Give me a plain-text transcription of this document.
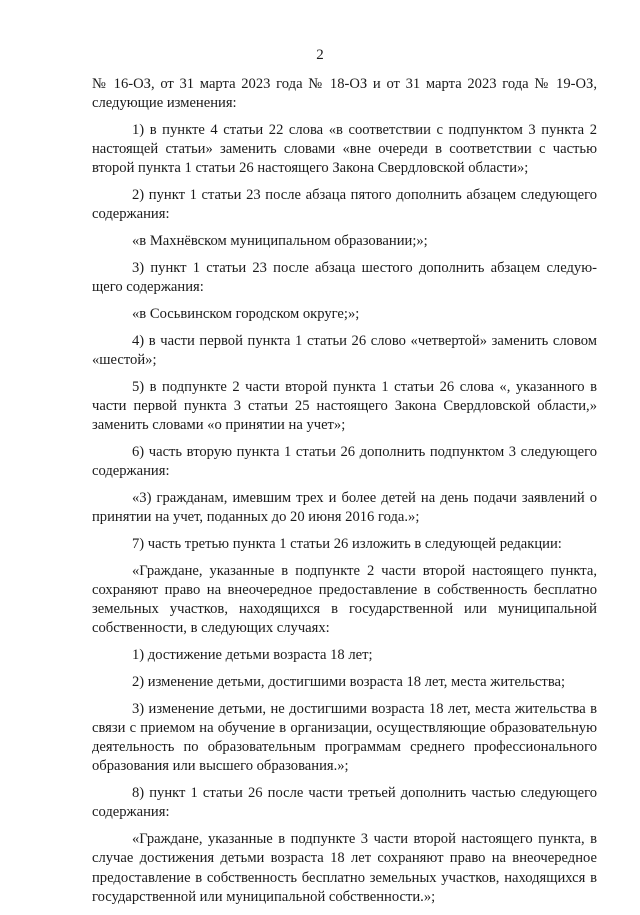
2

№ 16-ОЗ, от 31 марта 2023 года № 18-ОЗ и от 31 марта 2023 года № 19-ОЗ, следующие изменения:

1) в пункте 4 статьи 22 слова «в соответствии с подпунктом 3 пункта 2 настоящей статьи» заменить словами «вне очереди в соответствии с частью второй пункта 1 статьи 26 настоящего Закона Свердловской области»;

2) пункт 1 статьи 23 после абзаца пятого дополнить абзацем следующего содержания:

«в Махнёвском муниципальном образовании;»;

3) пункт 1 статьи 23 после абзаца шестого дополнить абзацем следующего содержания:

«в Сосьвинском городском округе;»;

4) в части первой пункта 1 статьи 26 слово «четвертой» заменить словом «шестой»;

5) в подпункте 2 части второй пункта 1 статьи 26 слова «, указанного в части первой пункта 3 статьи 25 настоящего Закона Свердловской области,» заменить словами «о принятии на учет»;

6) часть вторую пункта 1 статьи 26 дополнить подпунктом 3 следующего содержания:

«3) гражданам, имевшим трех и более детей на день подачи заявлений о принятии на учет, поданных до 20 июня 2016 года.»;

7) часть третью пункта 1 статьи 26 изложить в следующей редакции:

«Граждане, указанные в подпункте 2 части второй настоящего пункта, сохраняют право на внеочередное предоставление в собственность бесплатно земельных участков, находящихся в государственной или муниципальной собственности, в следующих случаях:

1) достижение детьми возраста 18 лет;

2) изменение детьми, достигшими возраста 18 лет, места жительства;

3) изменение детьми, не достигшими возраста 18 лет, места жительства в связи с приемом на обучение в организации, осуществляющие образовательную деятельность по образовательным программам среднего профессионального образования или высшего образования.»;

8) пункт 1 статьи 26 после части третьей дополнить частью следующего содержания:

«Граждане, указанные в подпункте 3 части второй настоящего пункта, в случае достижения детьми возраста 18 лет сохраняют право на внеочередное предоставление в собственность бесплатно земельных участков, находящихся в государственной или муниципальной собственности.»;
